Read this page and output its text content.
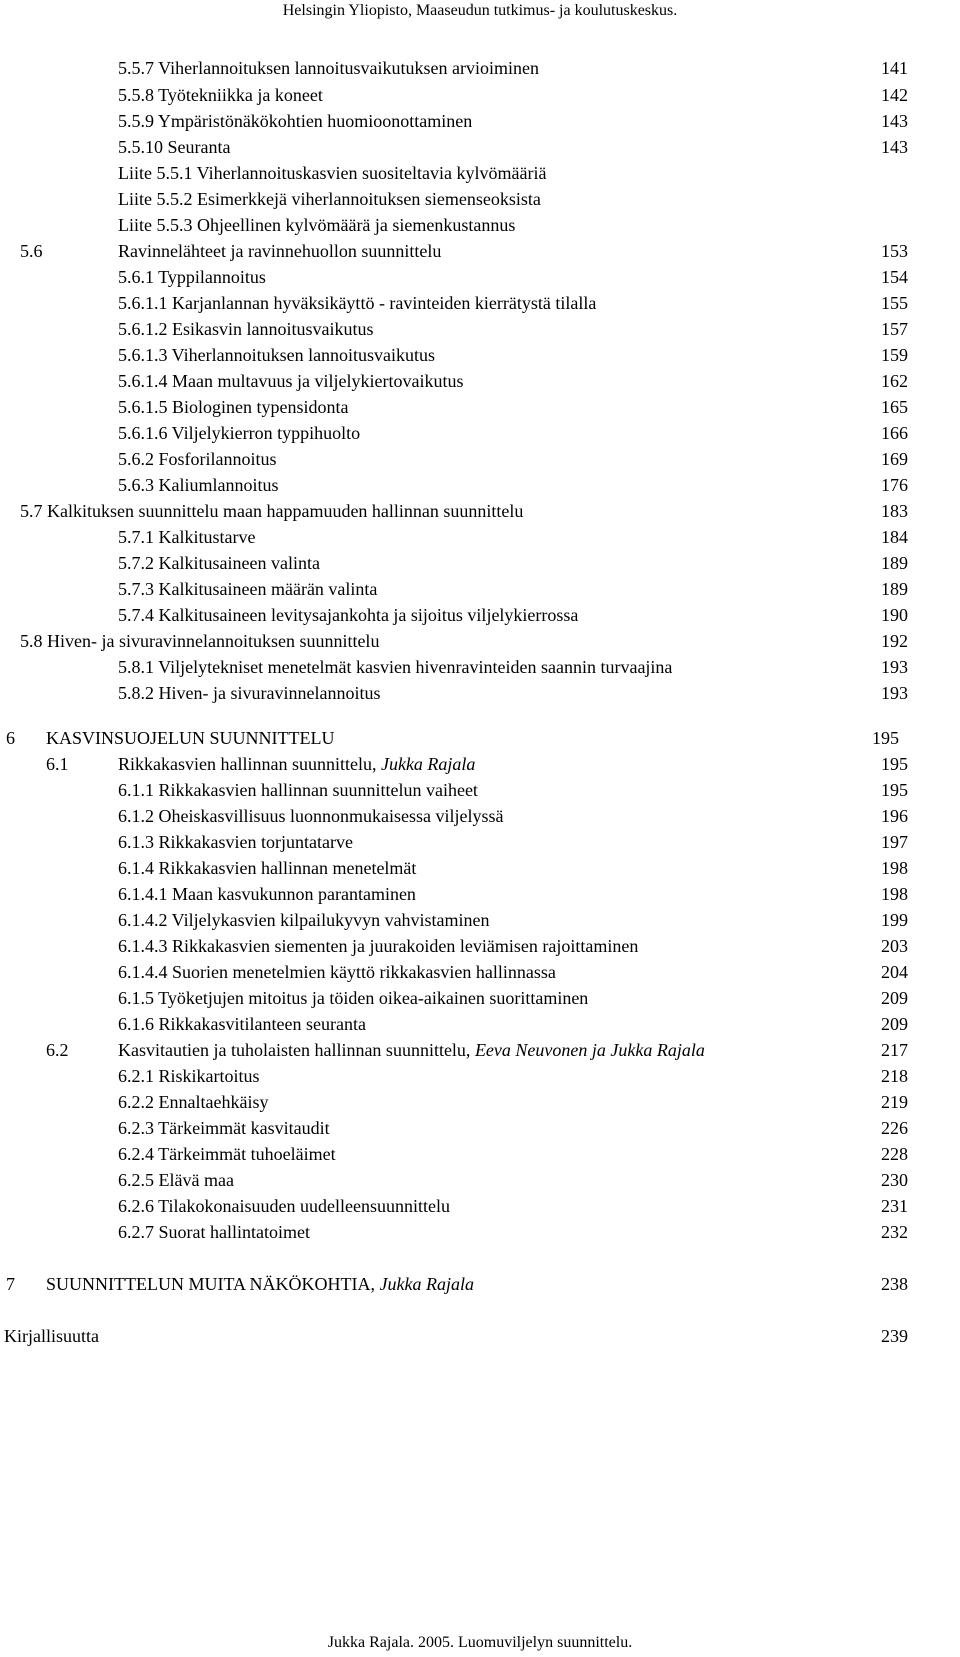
Helsingin Yliopisto, Maaseudun tutkimus- ja koulutuskeskus.
5.5.7 Viherlannoituksen lannoitusvaikutuksen arvioiminen	141
5.5.8 Työtekniikka ja koneet	142
5.5.9 Ympäristönäkökohtien huomioonottaminen	143
5.5.10 Seuranta	143
Liite 5.5.1 Viherlannoituskasvien suositeltavia kylvömääriä
Liite 5.5.2 Esimerkkejä viherlannoituksen siemenseoksista
Liite 5.5.3 Ohjeellinen kylvömäärä ja siemenkustannus
5.6	Ravinnelähteet ja ravinnehuollon suunnittelu	153
5.6.1 Typpilannoitus	154
5.6.1.1 Karjanlannan hyväksikäyttö - ravinteiden kierrätystä tilalla	155
5.6.1.2 Esikasvin lannoitusvaikutus	157
5.6.1.3 Viherlannoituksen lannoitusvaikutus	159
5.6.1.4 Maan multavuus ja viljelykiertovaikutus	162
5.6.1.5 Biologinen typensidonta	165
5.6.1.6 Viljelykierron typpihuolto	166
5.6.2 Fosforilannoitus	169
5.6.3 Kaliumlannoitus	176
5.7 Kalkituksen suunnittelu maan happamuuden hallinnan suunnittelu	183
5.7.1 Kalkitustarve	184
5.7.2 Kalkitusaineen valinta	189
5.7.3 Kalkitusaineen määrän valinta	189
5.7.4 Kalkitusaineen levitysajankohta ja sijoitus viljelykierrossa	190
5.8 Hiven- ja sivuravinnelannoituksen suunnittelu	192
5.8.1 Viljelytekniset menetelmät kasvien hivenravinteiden saannin turvaajina	193
5.8.2 Hiven- ja sivuravinnelannoitus	193
6 KASVINSUOJELUN SUUNNITTELU	195
6.1	Rikkakasvien hallinnan suunnittelu, Jukka Rajala	195
6.1.1 Rikkakasvien hallinnan suunnittelun vaiheet	195
6.1.2 Oheiskasvillisuus luonnonmukaisessa viljelyssä	196
6.1.3 Rikkakasvien torjuntatarve	197
6.1.4 Rikkakasvien hallinnan menetelmät	198
6.1.4.1 Maan kasvukunnon parantaminen	198
6.1.4.2 Viljelykasvien kilpailukyvyn vahvistaminen	199
6.1.4.3 Rikkakasvien siementen ja juurakoiden leviämisen rajoittaminen	203
6.1.4.4 Suorien menetelmien käyttö rikkakasvien hallinnassa	204
6.1.5 Työketjujen mitoitus ja töiden oikea-aikainen suorittaminen	209
6.1.6 Rikkakasvitilanteen seuranta	209
6.2	Kasvitautien ja tuholaisten hallinnan suunnittelu, Eeva Neuvonen ja Jukka Rajala	217
6.2.1 Riskikartoitus	218
6.2.2 Ennaltaehkäisy	219
6.2.3 Tärkeimmät kasvitaudit	226
6.2.4 Tärkeimmät tuhoeläimet	228
6.2.5 Elävä maa	230
6.2.6 Tilakokonaisuuden uudelleensuunnittelu	231
6.2.7 Suorat hallintatoimet	232
7 SUUNNITTELUN MUITA NÄKÖKOHTIA, Jukka Rajala	238
Kirjallisuutta	239
Jukka Rajala. 2005. Luomuviljelyn suunnittelu.
